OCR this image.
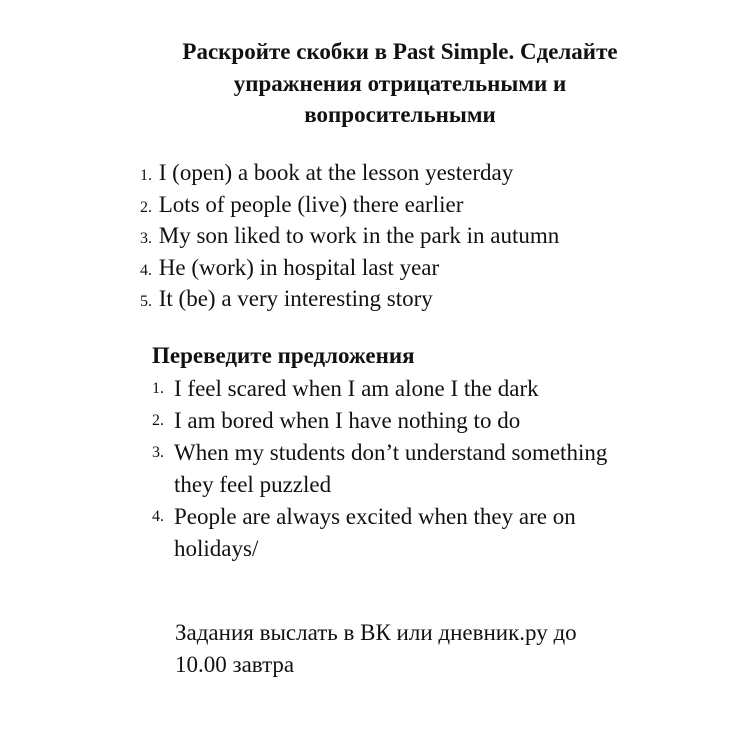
Раскройте скобки в Past Simple. Сделайте
упражнения отрицательными и
вопросительными
1. I (open) a book at the lesson yesterday
2. Lots of people (live) there earlier
3. My son liked to work in the park in autumn
4. He (work) in hospital last year
5. It (be) a very interesting story
Переведите предложения
1. I feel scared when I am alone I the dark
2. I am bored when I have nothing to do
3. When my students don’t understand something
they feel puzzled
4. People are always excited when they are on
holidays/
Задания выслать в ВК или дневник.ру до
10.00 завтра
